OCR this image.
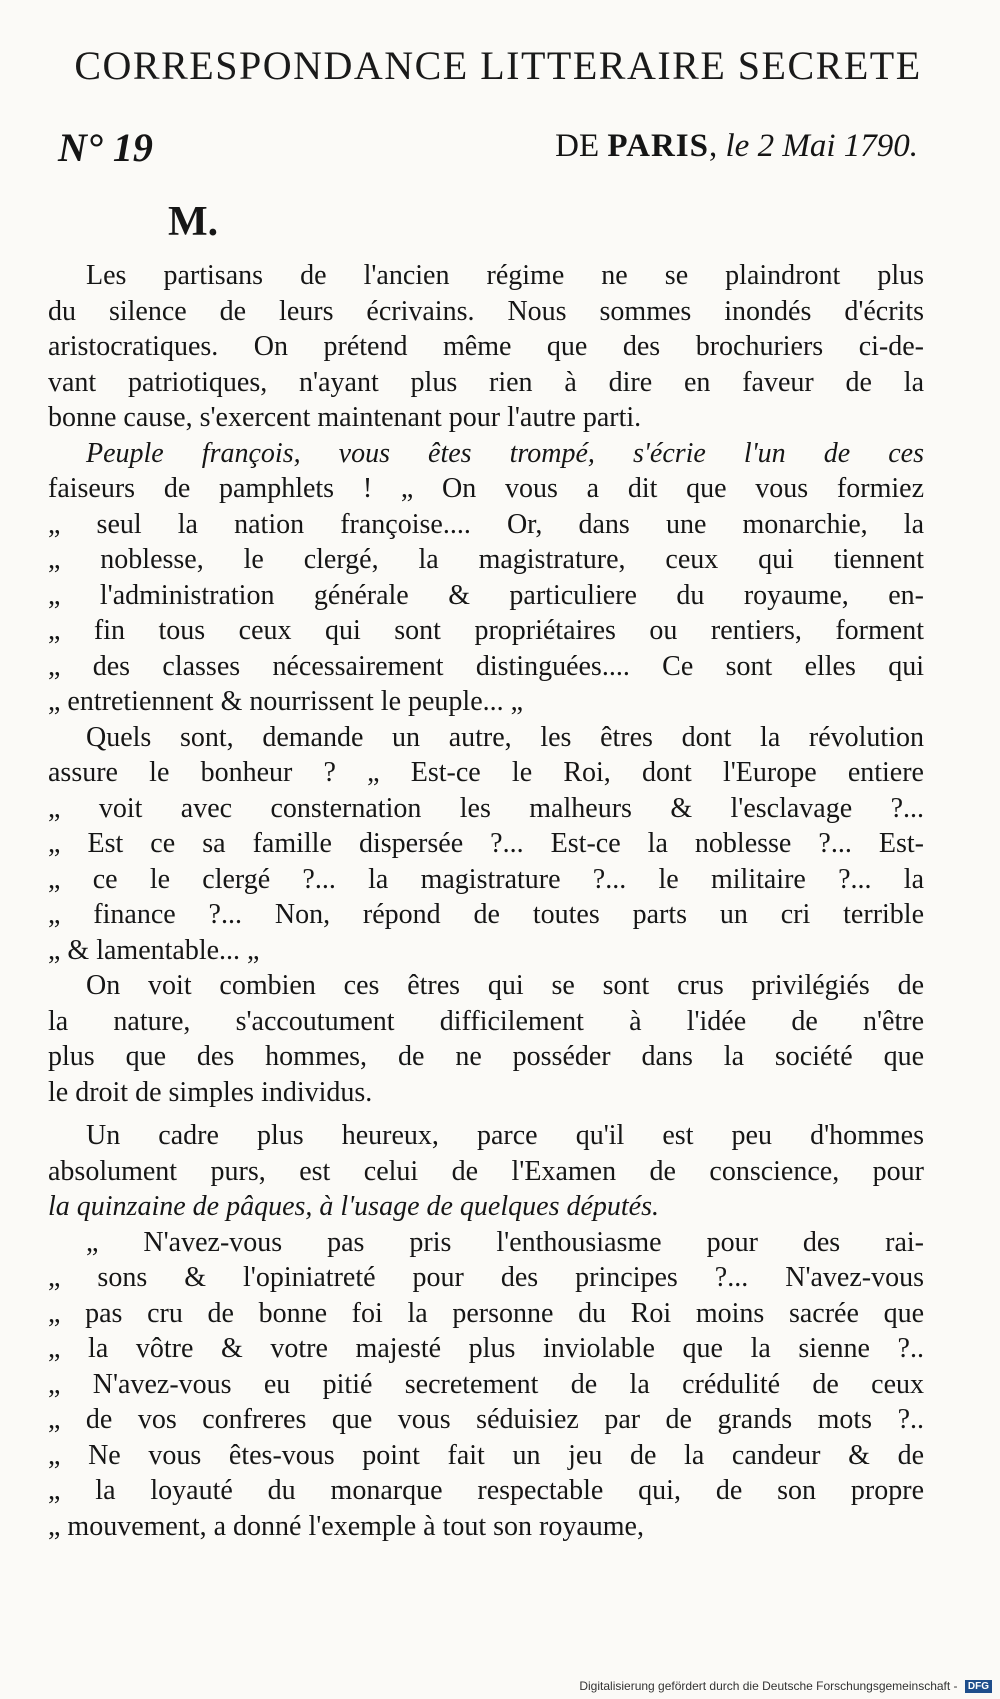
CORRESPONDANCE LITTERAIRE SECRETE
N° 19	DE PARIS, le 2 Mai 1790.
M.
Les partisans de l'ancien régime ne se plaindront plus
du silence de leurs écrivains. Nous sommes inondés d'écrits
aristocratiques. On prétend même que des brochuriers ci-de-
vant patriotiques, n'ayant plus rien à dire en faveur de la
bonne cause, s'exercent maintenant pour l'autre parti.
Peuple françois, vous êtes trompé, s'écrie l'un de ces
faiseurs de pamphlets ! „ On vous a dit que vous formiez
„ seul la nation françoise.... Or, dans une monarchie, la
„ noblesse, le clergé, la magistrature, ceux qui tiennent
„ l'administration générale & particuliere du royaume, en-
„ fin tous ceux qui sont propriétaires ou rentiers, forment
„ des classes nécessairement distinguées.... Ce sont elles qui
„ entretiennent & nourrissent le peuple... „
Quels sont, demande un autre, les êtres dont la révolution
assure le bonheur ? „ Est-ce le Roi, dont l'Europe entiere
„ voit avec consternation les malheurs & l'esclavage ?...
„ Est ce sa famille dispersée ?... Est-ce la noblesse ?... Est-
„ ce le clergé ?... la magistrature ?... le militaire ?... la
„ finance ?... Non, répond de toutes parts un cri terrible
„ & lamentable... „
On voit combien ces êtres qui se sont crus privilégiés de
la nature, s'accoutument difficilement à l'idée de n'être
plus que des hommes, de ne posséder dans la société que
le droit de simples individus.
Un cadre plus heureux, parce qu'il est peu d'hommes
absolument purs, est celui de l'Examen de conscience, pour
la quinzaine de pâques, à l'usage de quelques députés.
„ N'avez-vous pas pris l'enthousiasme pour des rai-
„ sons & l'opiniatreté pour des principes ?... N'avez-vous
„ pas cru de bonne foi la personne du Roi moins sacrée que
„ la vôtre & votre majesté plus inviolable que la sienne ?..
„ N'avez-vous eu pitié secretement de la crédulité de ceux
„ de vos confreres que vous séduisiez par de grands mots ?..
„ Ne vous êtes-vous point fait un jeu de la candeur & de
„ la loyauté du monarque respectable qui, de son propre
„ mouvement, a donné l'exemple à tout son royaume,
Digitalisierung gefördert durch die Deutsche Forschungsgemeinschaft - DFG
